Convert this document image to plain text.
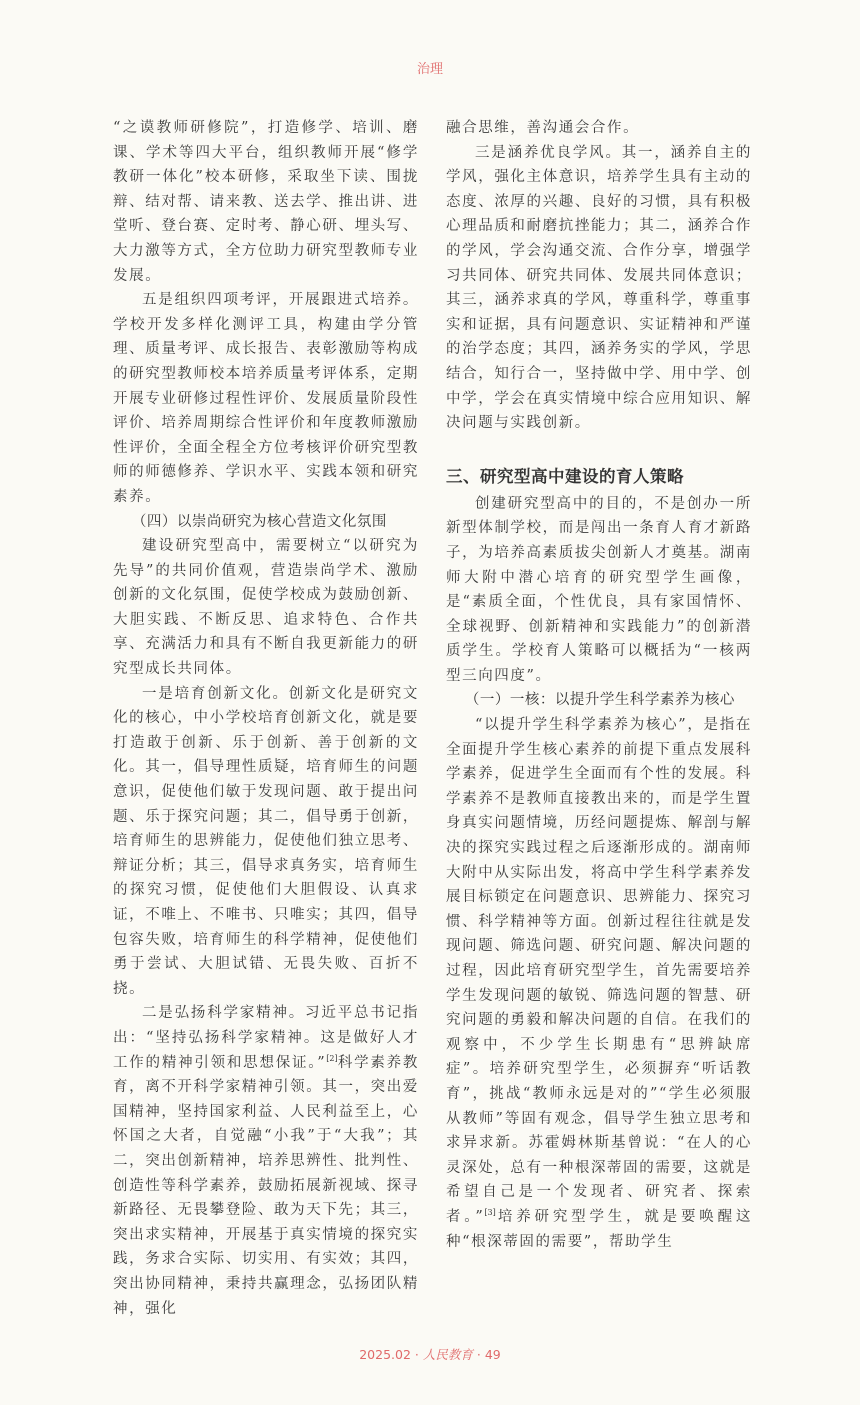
治理

“之谟教师研修院”，打造修学、培训、磨课、学术等四大平台，组织教师开展“修学教研一体化”校本研修，采取坐下读、围拢辩、结对帮、请来教、送去学、推出讲、进堂听、登台赛、定时考、静心研、埋头写、大力激等方式，全方位助力研究型教师专业发展。

五是组织四项考评，开展跟进式培养。学校开发多样化测评工具，构建由学分管理、质量考评、成长报告、表彰激励等构成的研究型教师校本培养质量考评体系，定期开展专业研修过程性评价、发展质量阶段性评价、培养周期综合性评价和年度教师激励性评价，全面全程全方位考核评价研究型教师的师德修养、学识水平、实践本领和研究素养。

（四）以崇尚研究为核心营造文化氛围

建设研究型高中，需要树立“以研究为先导”的共同价值观，营造崇尚学术、激励创新的文化氛围，促使学校成为鼓励创新、大胆实践、不断反思、追求特色、合作共享、充满活力和具有不断自我更新能力的研究型成长共同体。

一是培育创新文化。创新文化是研究文化的核心，中小学校培育创新文化，就是要打造敢于创新、乐于创新、善于创新的文化。其一，倡导理性质疑，培育师生的问题意识，促使他们敏于发现问题、敢于提出问题、乐于探究问题；其二，倡导勇于创新，培育师生的思辨能力，促使他们独立思考、辩证分析；其三，倡导求真务实，培育师生的探究习惯，促使他们大胆假设、认真求证，不唯上、不唯书、只唯实；其四，倡导包容失败，培育师生的科学精神，促使他们勇于尝试、大胆试错、无畏失败、百折不挠。

二是弘扬科学家精神。习近平总书记指出：“坚持弘扬科学家精神。这是做好人才工作的精神引领和思想保证。”[2]科学素养教育，离不开科学家精神引领。其一，突出爱国精神，坚持国家利益、人民利益至上，心怀国之大者，自觉融“小我”于“大我”；其二，突出创新精神，培养思辨性、批判性、创造性等科学素养，鼓励拓展新视域、探寻新路径、无畏攀登险、敢为天下先；其三，突出求实精神，开展基于真实情境的探究实践，务求合实际、切实用、有实效；其四，突出协同精神，秉持共赢理念，弘扬团队精神，强化

融合思维，善沟通会合作。

三是涵养优良学风。其一，涵养自主的学风，强化主体意识，培养学生具有主动的态度、浓厚的兴趣、良好的习惯，具有积极心理品质和耐磨抗挫能力；其二，涵养合作的学风，学会沟通交流、合作分享，增强学习共同体、研究共同体、发展共同体意识；其三，涵养求真的学风，尊重科学，尊重事实和证据，具有问题意识、实证精神和严谨的治学态度；其四，涵养务实的学风，学思结合，知行合一，坚持做中学、用中学、创中学，学会在真实情境中综合应用知识、解决问题与实践创新。

三、研究型高中建设的育人策略

创建研究型高中的目的，不是创办一所新型体制学校，而是闯出一条育人育才新路子，为培养高素质拔尖创新人才奠基。湖南师大附中潜心培育的研究型学生画像，是“素质全面，个性优良，具有家国情怀、全球视野、创新精神和实践能力”的创新潜质学生。学校育人策略可以概括为“一核两型三向四度”。

（一）一核：以提升学生科学素养为核心

“以提升学生科学素养为核心”，是指在全面提升学生核心素养的前提下重点发展科学素养，促进学生全面而有个性的发展。科学素养不是教师直接教出来的，而是学生置身真实问题情境，历经问题提炼、解剖与解决的探究实践过程之后逐渐形成的。湖南师大附中从实际出发，将高中学生科学素养发展目标锁定在问题意识、思辨能力、探究习惯、科学精神等方面。创新过程往往就是发现问题、筛选问题、研究问题、解决问题的过程，因此培育研究型学生，首先需要培养学生发现问题的敏锐、筛选问题的智慧、研究问题的勇毅和解决问题的自信。在我们的观察中，不少学生长期患有“思辨缺席症”。培养研究型学生，必须摒弃“听话教育”，挑战“教师永远是对的”“学生必须服从教师”等固有观念，倡导学生独立思考和求异求新。苏霍姆林斯基曾说：“在人的心灵深处，总有一种根深蒂固的需要，这就是希望自己是一个发现者、研究者、探索者。”[3]培养研究型学生，就是要唤醒这种“根深蒂固的需要”，帮助学生

2025.02 · 人民教育 · 49
